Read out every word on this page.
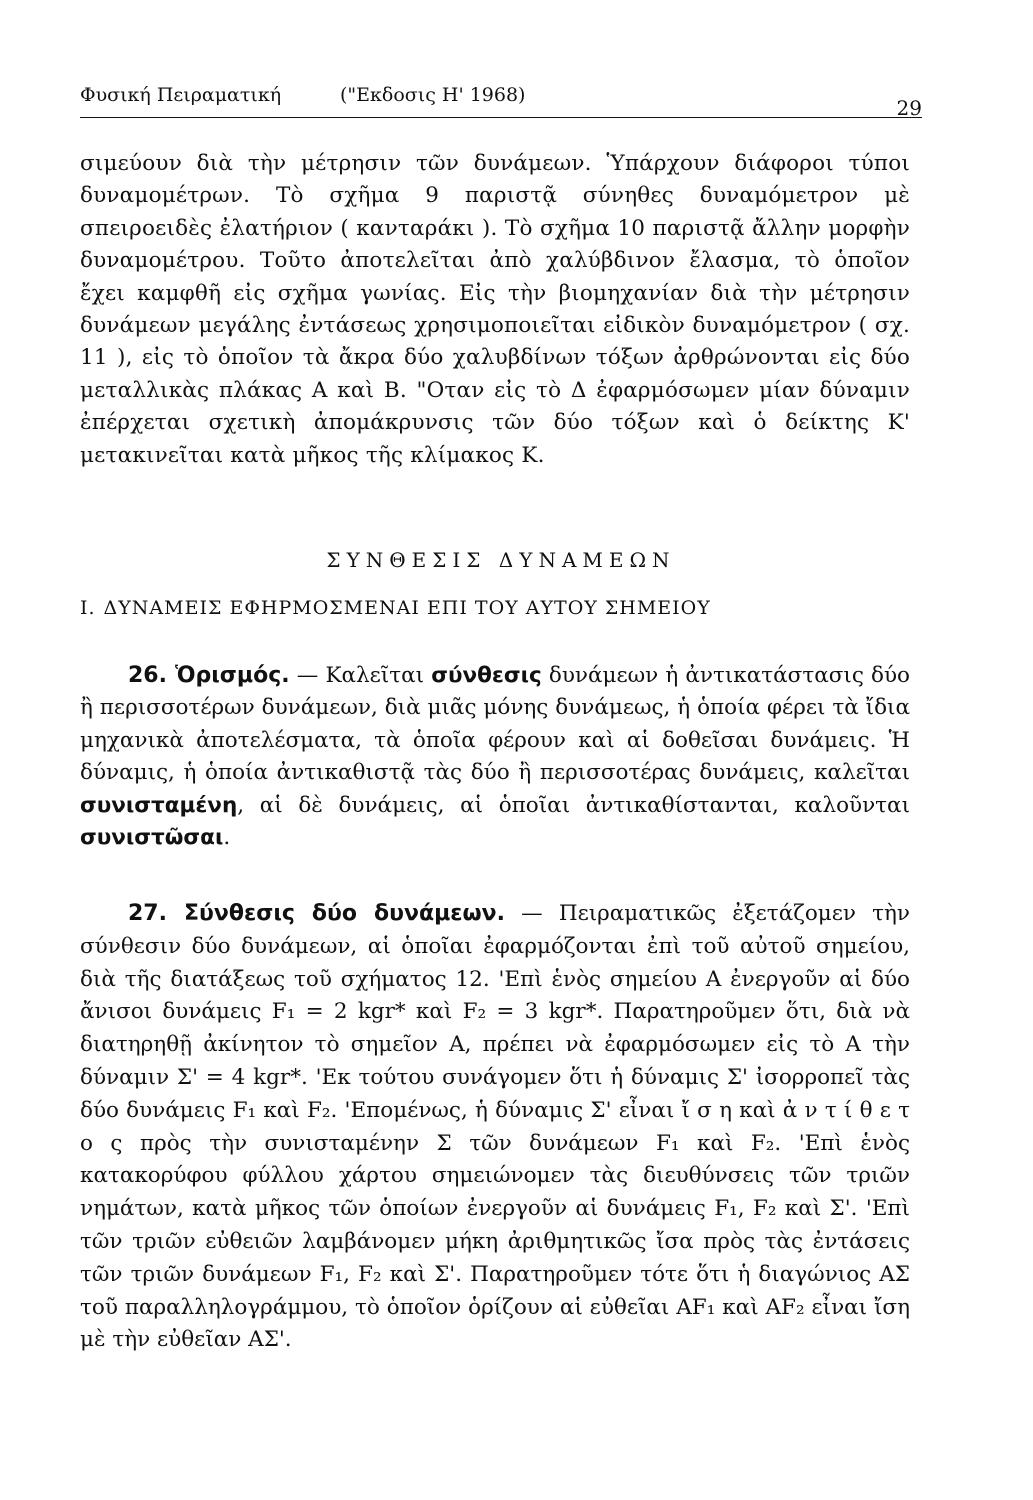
Φυσική Πειραματική	("Εκδοσις Η' 1968)
29

σιμεύουν διὰ τὴν μέτρησιν τῶν δυνάμεων. Ὑπάρχουν διάφοροι τύποι δυναμομέτρων. Τὸ σχῆμα 9 παριστᾷ σύνηθες δυναμόμετρον μὲ σπειροειδὲς ἐλατήριον ( κανταράκι ). Τὸ σχῆμα 10 παριστᾷ ἄλλην μορφὴν δυναμομέτρου. Τοῦτο ἀποτελεῖται ἀπὸ χαλύβδινον ἔλασμα, τὸ ὁποῖον ἔχει καμφθῆ εἰς σχῆμα γωνίας. Εἰς τὴν βιομηχανίαν διὰ τὴν μέτρησιν δυνάμεων μεγάλης ἐντάσεως χρησιμοποιεῖται εἰδικὸν δυναμόμετρον ( σχ. 11 ), εἰς τὸ ὁποῖον τὰ ἄκρα δύο χαλυβδίνων τόξων ἀρθρώνονται εἰς δύο μεταλλικὰς πλάκας Α καὶ Β. "Οταν εἰς τὸ Δ ἐφαρμόσωμεν μίαν δύναμιν ἐπέρχεται σχετικὴ ἀπομάκρυνσις τῶν δύο τόξων καὶ ὁ δείκτης Κ' μετακινεῖται κατὰ μῆκος τῆς κλίμακος Κ.

ΣΥΝΘΕΣΙΣ ΔΥΝΑΜΕΩΝ
I. ΔΥΝΑΜΕΙΣ ΕΦΗΡΜΟΣΜΕΝΑΙ ΕΠΙ ΤΟΥ ΑΥΤΟΥ ΣΗΜΕΙΟΥ

26. Ὁρισμός. — Καλεῖται σύνθεσις δυνάμεων ἡ ἀντικατάστασις δύο ἢ περισσοτέρων δυνάμεων, διὰ μιᾶς μόνης δυνάμεως, ἡ ὁποία φέρει τὰ ἴδια μηχανικὰ ἀποτελέσματα, τὰ ὁποῖα φέρουν καὶ αἱ δοθεῖσαι δυνάμεις. Ἡ δύναμις, ἡ ὁποία ἀντικαθιστᾷ τὰς δύο ἢ περισσοτέρας δυνάμεις, καλεῖται συνισταμένη, αἱ δὲ δυνάμεις, αἱ ὁποῖαι ἀντικαθίστανται, καλοῦνται συνιστῶσαι.

27. Σύνθεσις δύο δυνάμεων. — Πειραματικῶς ἐξετάζομεν τὴν σύνθεσιν δύο δυνάμεων, αἱ ὁποῖαι ἐφαρμόζονται ἐπὶ τοῦ αὐτοῦ σημείου, διὰ τῆς διατάξεως τοῦ σχήματος 12. 'Επὶ ἑνὸς σημείου Α ἐνεργοῦν αἱ δύο ἄνισοι δυνάμεις F₁ = 2 kgr* καὶ F₂ = 3 kgr*. Παρατηροῦμεν ὅτι, διὰ νὰ διατηρηθῇ ἀκίνητον τὸ σημεῖον Α, πρέπει νὰ ἐφαρμόσωμεν εἰς τὸ Α τὴν δύναμιν Σ' = 4 kgr*. 'Εκ τούτου συνάγομεν ὅτι ἡ δύναμις Σ' ἰσορροπεῖ τὰς δύο δυνάμεις F₁ καὶ F₂. 'Επομένως, ἡ δύναμις Σ' εἶναι ἴ σ η καὶ ἀ ν τ ί θ ε τ ο ς πρὸς τὴν συνισταμένην Σ τῶν δυνάμεων F₁ καὶ F₂. 'Επὶ ἑνὸς κατακορύφου φύλλου χάρτου σημειώνομεν τὰς διευθύνσεις τῶν τριῶν νημάτων, κατὰ μῆκος τῶν ὁποίων ἐνεργοῦν αἱ δυνάμεις F₁, F₂ καὶ Σ'. 'Επὶ τῶν τριῶν εὐθειῶν λαμβάνομεν μήκη ἀριθμητικῶς ἴσα πρὸς τὰς ἐντάσεις τῶν τριῶν δυνάμεων F₁, F₂ καὶ Σ'. Παρατηροῦμεν τότε ὅτι ἡ διαγώνιος ΑΣ τοῦ παραλληλογράμμου, τὸ ὁποῖον ὁρίζουν αἱ εὐθεῖαι ΑF₁ καὶ ΑF₂ εἶναι ἴση μὲ τὴν εὐθεῖαν ΑΣ'.
